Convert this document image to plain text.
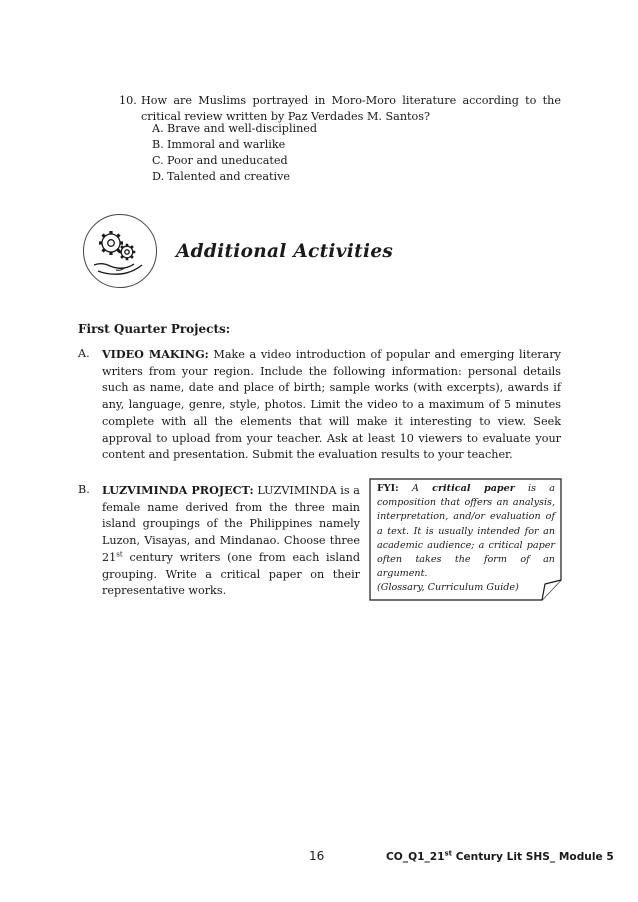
10. How are Muslims portrayed in Moro-Moro literature according to the
critical review written by Paz Verdades M. Santos?
A. Brave and well-disciplined
B. Immoral and warlike
C. Poor and uneducated
D. Talented and creative
Additional Activities
First Quarter Projects:
A. VIDEO MAKING: Make a video introduction of popular and emerging literary writers from your region. Include the following information: personal details such as name, date and place of birth; sample works (with excerpts), awards if any, language, genre, style, photos. Limit the video to a maximum of 5 minutes complete with all the elements that will make it interesting to view. Seek approval to upload from your teacher. Ask at least 10 viewers to evaluate your content and presentation. Submit the evaluation results to your teacher.
B. LUZVIMINDA PROJECT: LUZVIMINDA is a female name derived from the three main island groupings of the Philippines namely Luzon, Visayas, and Mindanao. Choose three 21st century writers (one from each island grouping. Write a critical paper on their representative works.
FYI: A critical paper is a composition that offers an analysis, interpretation, and/or evaluation of a text. It is usually intended for an academic audience; a critical paper often takes the form of an argument.
(Glossary, Curriculum Guide)
16	CO_Q1_21st Century Lit SHS_ Module 5
